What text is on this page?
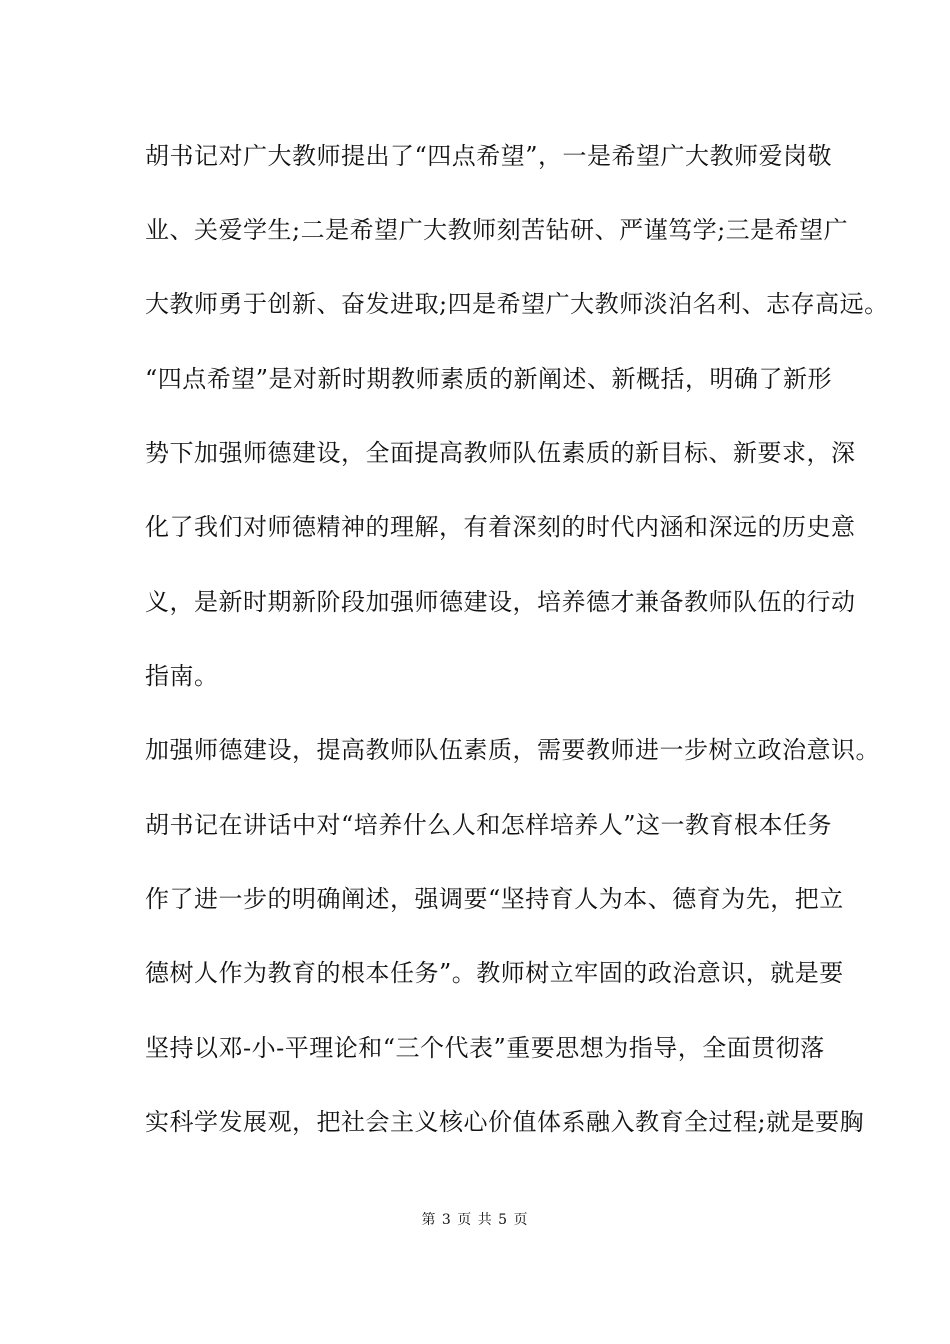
胡书记对广大教师提出了“四点希望”，一是希望广大教师爱岗敬
业、关爱学生;二是希望广大教师刻苦钻研、严谨笃学;三是希望广
大教师勇于创新、奋发进取;四是希望广大教师淡泊名利、志存高远。
“四点希望”是对新时期教师素质的新阐述、新概括，明确了新形
势下加强师德建设，全面提高教师队伍素质的新目标、新要求，深
化了我们对师德精神的理解，有着深刻的时代内涵和深远的历史意
义，是新时期新阶段加强师德建设，培养德才兼备教师队伍的行动
指南。
加强师德建设，提高教师队伍素质，需要教师进一步树立政治意识。
胡书记在讲话中对“培养什么人和怎样培养人”这一教育根本任务
作了进一步的明确阐述，强调要“坚持育人为本、德育为先，把立
德树人作为教育的根本任务”。教师树立牢固的政治意识，就是要
坚持以邓-小-平理论和“三个代表”重要思想为指导，全面贯彻落
实科学发展观，把社会主义核心价值体系融入教育全过程;就是要胸
第 3 页 共 5 页
